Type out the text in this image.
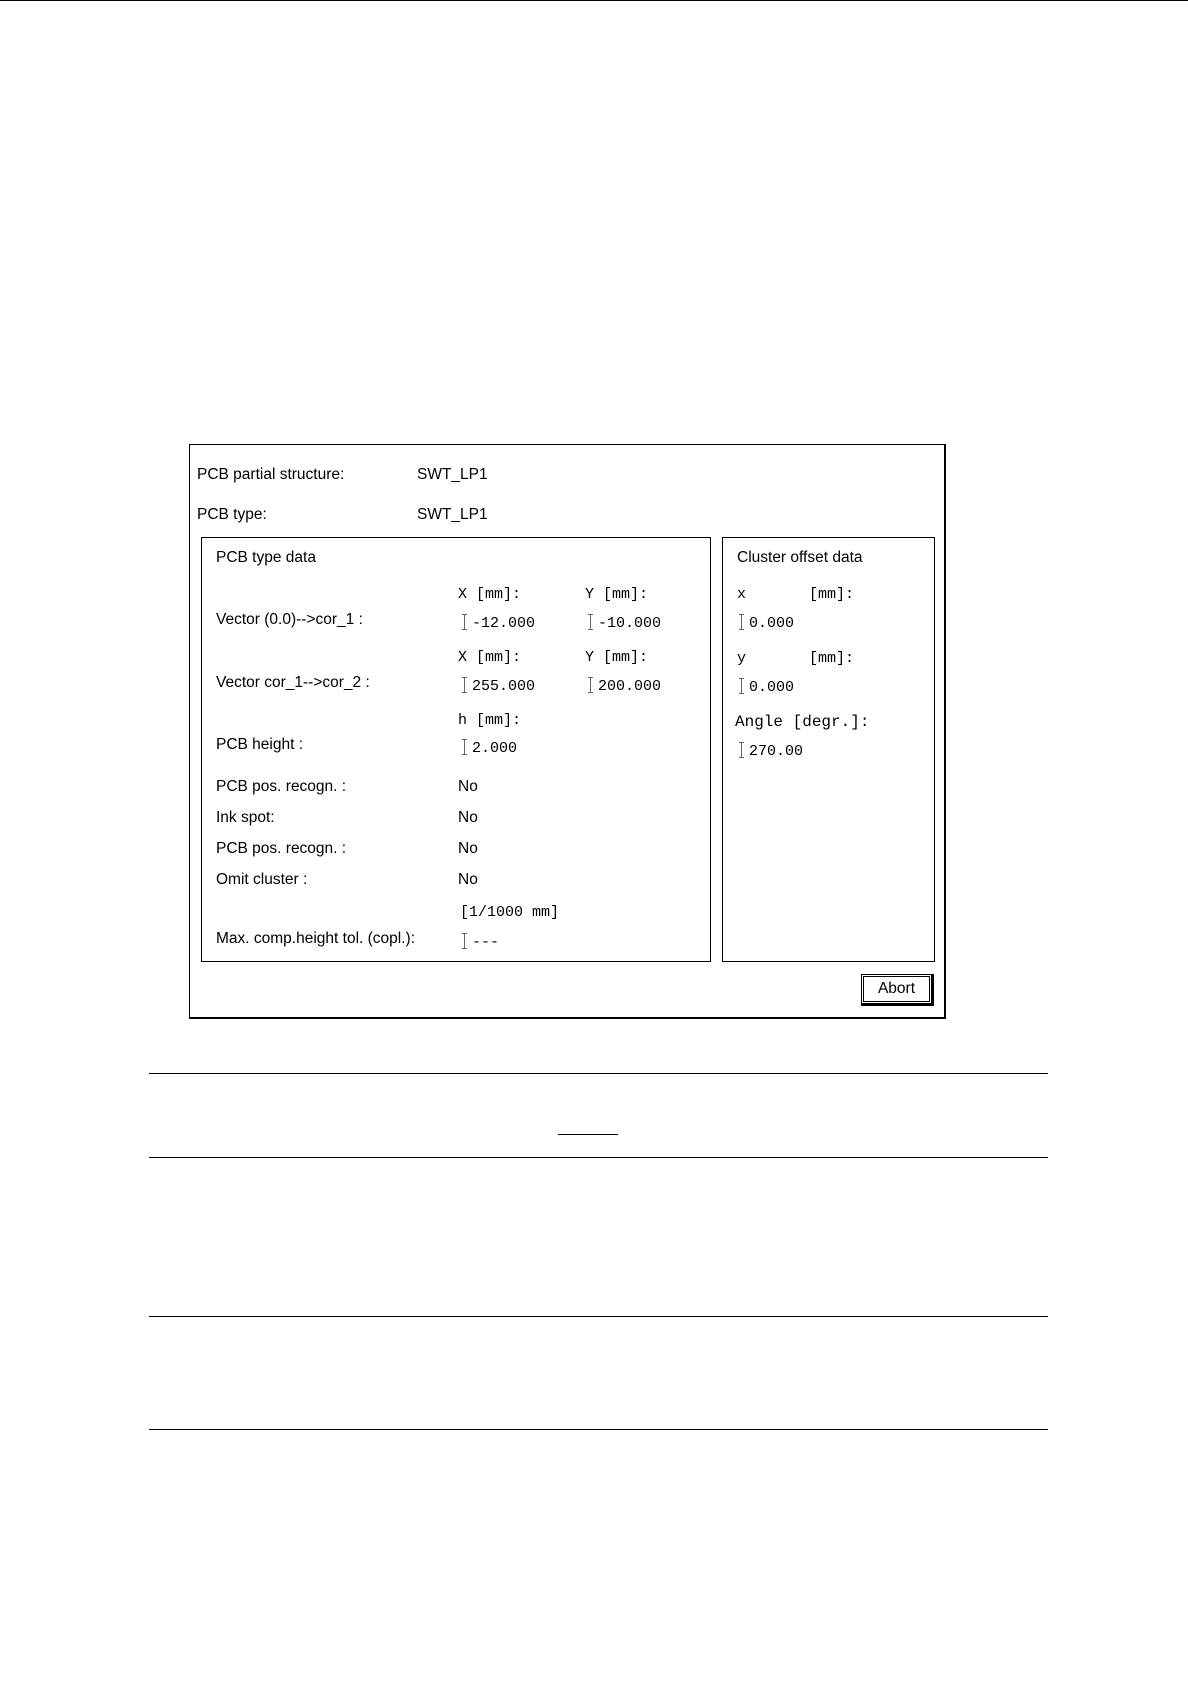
PCB partial structure:	SWT_LP1
PCB type:	SWT_LP1
PCB type data
X [mm]:	Y [mm]:
Vector (0.0)-->cor_1 :	-12.000	-10.000
X [mm]:	Y [mm]:
Vector cor_1-->cor_2 :	255.000	200.000
h [mm]:
PCB height :	2.000
PCB pos. recogn. :	No
Ink spot:	No
PCB pos. recogn. :	No
Omit cluster :	No
[1/1000 mm]
Max. comp.height tol. (copl.):	---
Cluster offset data
x       [mm]:
0.000
y       [mm]:
0.000
Angle [degr.]:
270.00
Abort
